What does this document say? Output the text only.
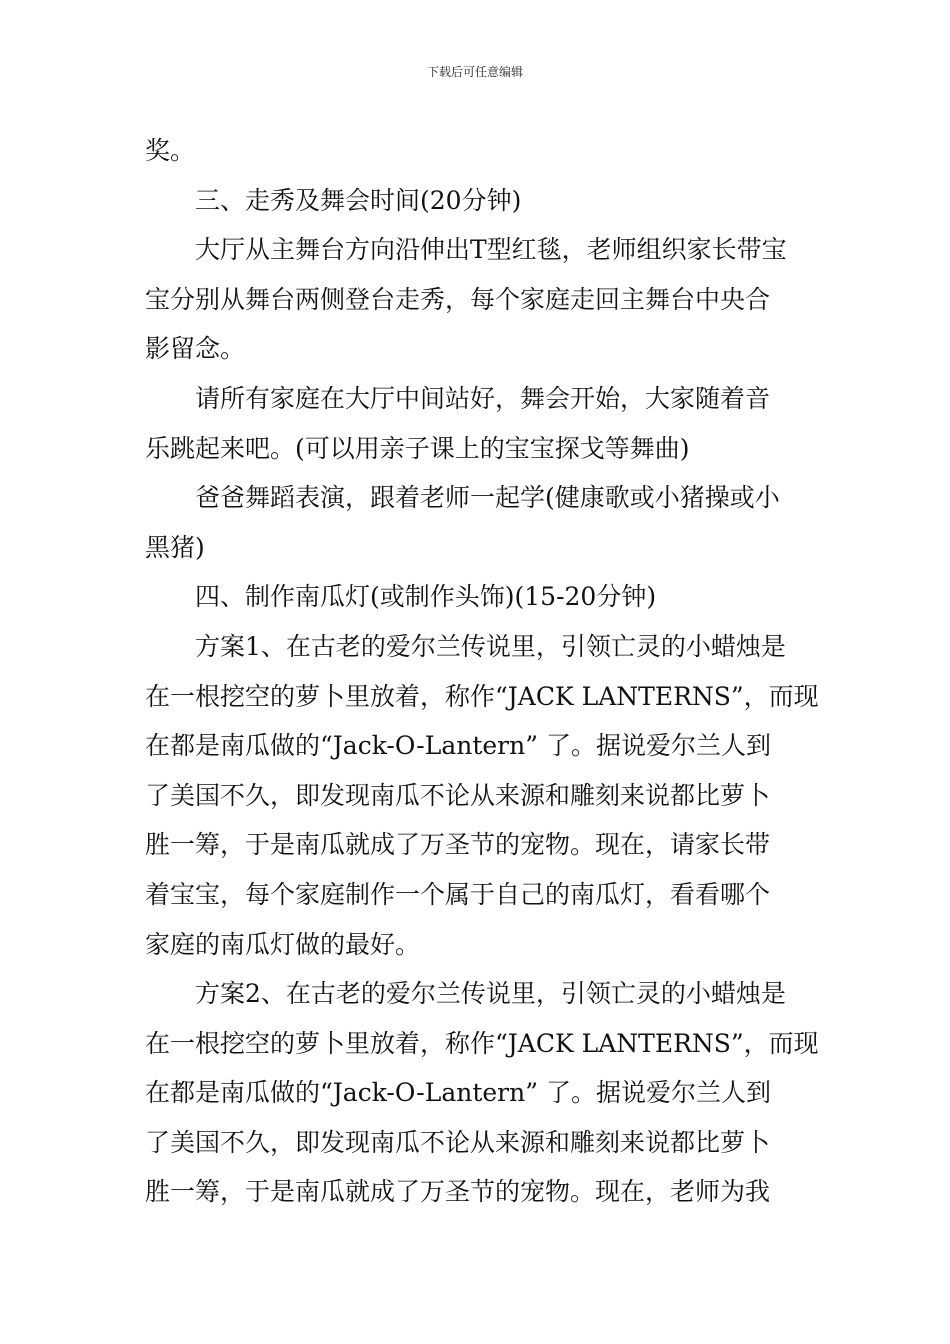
下载后可任意编辑
奖。
三、走秀及舞会时间(20分钟)
大厅从主舞台方向沿伸出T型红毯，老师组织家长带宝
宝分别从舞台两侧登台走秀，每个家庭走回主舞台中央合
影留念。
请所有家庭在大厅中间站好，舞会开始，大家随着音
乐跳起来吧。(可以用亲子课上的宝宝探戈等舞曲)
爸爸舞蹈表演，跟着老师一起学(健康歌或小猪操或小
黑猪)
四、制作南瓜灯(或制作头饰)(15-20分钟)
方案1、在古老的爱尔兰传说里，引领亡灵的小蜡烛是
在一根挖空的萝卜里放着，称作“JACK LANTERNS”，而现
在都是南瓜做的“Jack-O-Lantern” 了。据说爱尔兰人到
了美国不久，即发现南瓜不论从来源和雕刻来说都比萝卜
胜一筹，于是南瓜就成了万圣节的宠物。现在，请家长带
着宝宝，每个家庭制作一个属于自己的南瓜灯，看看哪个
家庭的南瓜灯做的最好。
方案2、在古老的爱尔兰传说里，引领亡灵的小蜡烛是
在一根挖空的萝卜里放着，称作“JACK LANTERNS”，而现
在都是南瓜做的“Jack-O-Lantern” 了。据说爱尔兰人到
了美国不久，即发现南瓜不论从来源和雕刻来说都比萝卜
胜一筹，于是南瓜就成了万圣节的宠物。现在，老师为我
